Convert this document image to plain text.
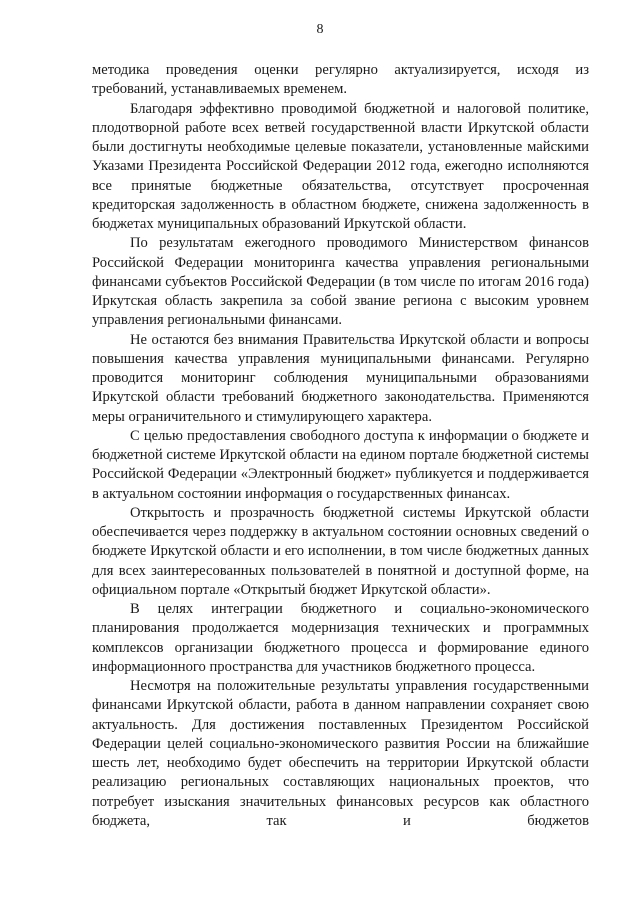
8

методика проведения оценки регулярно актуализируется, исходя из требований, устанавливаемых временем.

Благодаря эффективно проводимой бюджетной и налоговой политике, плодотворной работе всех ветвей государственной власти Иркутской области были достигнуты необходимые целевые показатели, установленные майскими Указами Президента Российской Федерации 2012 года, ежегодно исполняются все принятые бюджетные обязательства, отсутствует просроченная кредиторская задолженность в областном бюджете, снижена задолженность в бюджетах муниципальных образований Иркутской области.

По результатам ежегодного проводимого Министерством финансов Российской Федерации мониторинга качества управления региональными финансами субъектов Российской Федерации (в том числе по итогам 2016 года) Иркутская область закрепила за собой звание региона с высоким уровнем управления региональными финансами.

Не остаются без внимания Правительства Иркутской области и вопросы повышения качества управления муниципальными финансами. Регулярно проводится мониторинг соблюдения муниципальными образованиями Иркутской области требований бюджетного законодательства. Применяются меры ограничительного и стимулирующего характера.

С целью предоставления свободного доступа к информации о бюджете и бюджетной системе Иркутской области на едином портале бюджетной системы Российской Федерации «Электронный бюджет» публикуется и поддерживается в актуальном состоянии информация о государственных финансах.

Открытость и прозрачность бюджетной системы Иркутской области обеспечивается через поддержку в актуальном состоянии основных сведений о бюджете Иркутской области и его исполнении, в том числе бюджетных данных для всех заинтересованных пользователей в понятной и доступной форме, на официальном портале «Открытый бюджет Иркутской области».

В целях интеграции бюджетного и социально-экономического планирования продолжается модернизация технических и программных комплексов организации бюджетного процесса и формирование единого информационного пространства для участников бюджетного процесса.

Несмотря на положительные результаты управления государственными финансами Иркутской области, работа в данном направлении сохраняет свою актуальность. Для достижения поставленных Президентом Российской Федерации целей социально-экономического развития России на ближайшие шесть лет, необходимо будет обеспечить на территории Иркутской области реализацию региональных составляющих национальных проектов, что потребует изыскания значительных финансовых ресурсов как областного бюджета, так и бюджетов
